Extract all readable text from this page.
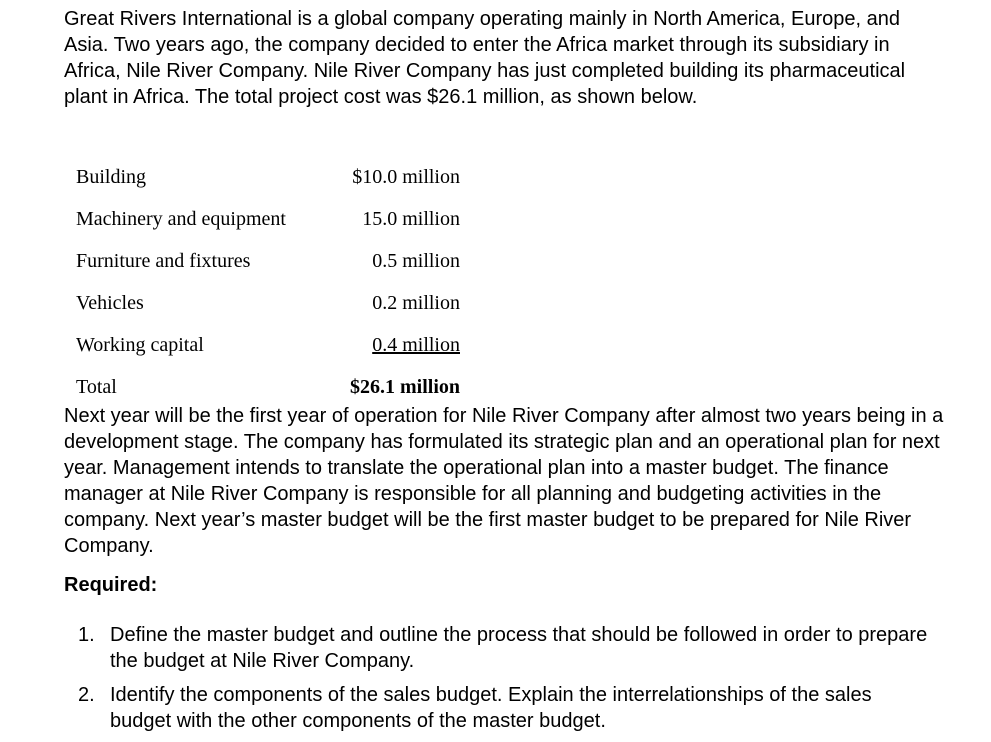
Great Rivers International is a global company operating mainly in North America, Europe, and Asia. Two years ago, the company decided to enter the Africa market through its subsidiary in Africa, Nile River Company. Nile River Company has just completed building its pharmaceutical plant in Africa. The total project cost was $26.1 million, as shown below.

Building	$10.0 million
Machinery and equipment	15.0 million
Furniture and fixtures	0.5 million
Vehicles	0.2 million
Working capital	0.4 million
Total	$26.1 million

Next year will be the first year of operation for Nile River Company after almost two years being in a development stage. The company has formulated its strategic plan and an operational plan for next year. Management intends to translate the operational plan into a master budget. The finance manager at Nile River Company is responsible for all planning and budgeting activities in the company. Next year’s master budget will be the first master budget to be prepared for Nile River Company.

Required:
1. Define the master budget and outline the process that should be followed in order to prepare the budget at Nile River Company.
2. Identify the components of the sales budget. Explain the interrelationships of the sales budget with the other components of the master budget.
